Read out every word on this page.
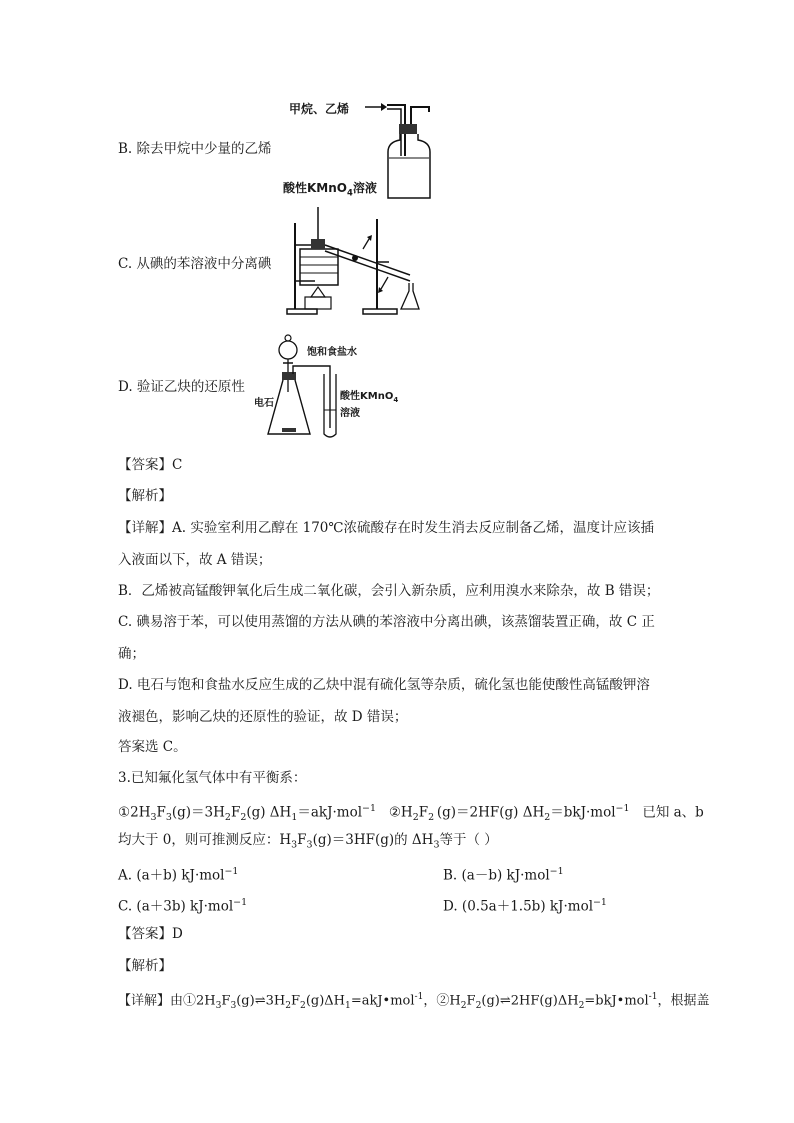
甲烷、乙烯
B. 除去甲烷中少量的乙烯
酸性KMnO$_4$溶液
C. 从碘的苯溶液中分离碘
饱和食盐水
电石
酸性KMnO$_4$
溶液
D. 验证乙炔的还原性
【答案】C
【解析】
【详解】A. 实验室利用乙醇在 170℃浓硫酸存在时发生消去反应制备乙烯，温度计应该插
入液面以下，故 A 错误；
B．乙烯被高锰酸钾氧化后生成二氧化碳，会引入新杂质，应利用溴水来除杂，故 B 错误；
C. 碘易溶于苯，可以使用蒸馏的方法从碘的苯溶液中分离出碘，该蒸馏装置正确，故 C 正
确；
D. 电石与饱和食盐水反应生成的乙炔中混有硫化氢等杂质，硫化氢也能使酸性高锰酸钾溶
液褪色，影响乙炔的还原性的验证，故 D 错误；
答案选 C。
3.已知氟化氢气体中有平衡系：
$①2H_3F_3(g)=3H_2F_2(g)$ $\Delta H_1=akJ\cdot mol^{-1}$ $②H_2F_2$  (g)＝2HF(g) $\Delta H_2=bkJ\cdot mol^{-1}$ 已知 a、b
均大于 0，则可推测反应：$H_3F_3(g)=3HF(g)$的 $\Delta H_3$等于（ ）
A. (a＋b) kJ·mol$^{-1}$	B. (a－b) kJ·mol$^{-1}$
C. (a＋3b) kJ·mol$^{-1}$	D. (0.5a＋1.5b) kJ·mol$^{-1}$
【答案】D
【解析】
【详解】由$①2H_3F_3(g)\rightleftharpoons 3H_2F_2(g)\Delta H_1=akJ•mol^{-1}$，$②H_2F_2(g)\rightleftharpoons 2HF(g)\Delta H_2=bkJ•mol^{-1}$，根据盖
